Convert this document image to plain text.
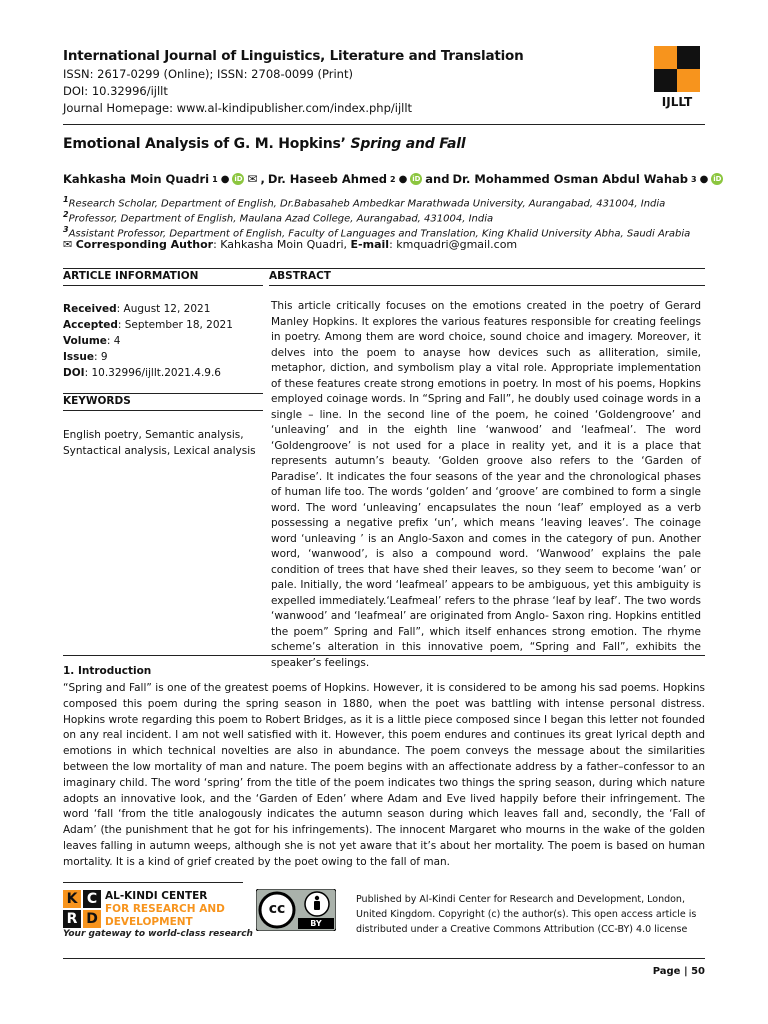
International Journal of Linguistics, Literature and Translation
ISSN: 2617-0299 (Online); ISSN: 2708-0099 (Print)
DOI: 10.32996/ijllt
Journal Homepage: www.al-kindipublisher.com/index.php/ijllt	IJLLT
Emotional Analysis of G. M. Hopkins’ Spring and Fall
Kahkasha Moin Quadri 1 ● iD ✉ , Dr. Haseeb Ahmed 2 ● iD and Dr. Mohammed Osman Abdul Wahab 3 ● iD
$^1$Research Scholar, Department of English, Dr.Babasaheb Ambedkar Marathwada University, Aurangabad, 431004, India
$^2$Professor, Department of English, Maulana Azad College, Aurangabad, 431004, India
$^3$Assistant Professor, Department of English, Faculty of Languages and Translation, King Khalid University Abha, Saudi Arabia
✉ Corresponding Author: Kahkasha Moin Quadri, E-mail: kmquadri@gmail.com
ARTICLE INFORMATION	ABSTRACT
Received: August 12, 2021
Accepted: September 18, 2021
Volume: 4
Issue: 9
DOI: 10.32996/ijllt.2021.4.9.6
KEYWORDS
English poetry, Semantic analysis, Syntactical analysis, Lexical analysis
This article critically focuses on the emotions created in the poetry of Gerard Manley Hopkins. It explores the various features responsible for creating feelings in poetry. Among them are word choice, sound choice and imagery. Moreover, it delves into the poem to anayse how devices such as alliteration, simile, metaphor, diction, and symbolism play a vital role. Appropriate implementation of these features create strong emotions in poetry. In most of his poems, Hopkins employed coinage words. In “Spring and Fall”, he doubly used coinage words in a single – line. In the second line of the poem, he coined ‘Goldengroove’ and ‘unleaving’ and in the eighth line ‘wanwood’ and ‘leafmeal’. The word ‘Goldengroove’ is not used for a place in reality yet, and it is a place that represents autumn’s beauty. ‘Golden groove also refers to the ‘Garden of Paradise’. It indicates the four seasons of the year and the chronological phases of human life too. The words ‘golden’ and ‘groove’ are combined to form a single word. The word ‘unleaving’ encapsulates the noun ‘leaf’ employed as a verb possessing a negative prefix ‘un’, which means ‘leaving leaves’. The coinage word ‘unleaving ’ is an Anglo-Saxon and comes in the category of pun. Another word, ‘wanwood’, is also a compound word. ‘Wanwood’ explains the pale condition of trees that have shed their leaves, so they seem to become ‘wan’ or pale. Initially, the word ‘leafmeal’ appears to be ambiguous, yet this ambiguity is expelled immediately.‘Leafmeal’ refers to the phrase ‘leaf by leaf’. The two words ‘wanwood’ and ‘leafmeal’ are originated from Anglo- Saxon ring. Hopkins entitled the poem” Spring and Fall”, which itself enhances strong emotion. The rhyme scheme’s alteration in this innovative poem, “Spring and Fall”, exhibits the speaker’s feelings.
1. Introduction
“Spring and Fall” is one of the greatest poems of Hopkins. However, it is considered to be among his sad poems. Hopkins composed this poem during the spring season in 1880, when the poet was battling with intense personal distress. Hopkins wrote regarding this poem to Robert Bridges, as it is a little piece composed since I began this letter not founded on any real incident. I am not well satisfied with it. However, this poem endures and continues its great lyrical depth and emotions in which technical novelties are also in abundance. The poem conveys the message about the similarities between the low mortality of man and nature. The poem begins with an affectionate address by a father–confessor to an imaginary child. The word ‘spring’ from the title of the poem indicates two things the spring season, during which nature adopts an innovative look, and the ‘Garden of Eden’ where Adam and Eve lived happily before their infringement. The word ‘fall ‘from the title analogously indicates the autumn season during which leaves fall and, secondly, the ‘Fall of Adam’ (the punishment that he got for his infringements). The innocent Margaret who mourns in the wake of the golden leaves falling in autumn weeps, although she is not yet aware that it’s about her mortality. The poem is based on human mortality. It is a kind of grief created by the poet owing to the fall of man.
K C
R D
AL-KINDI CENTER
FOR RESEARCH AND
DEVELOPMENT
Your gateway to world-class research
cc
BY
Published by Al-Kindi Center for Research and Development, London, United Kingdom. Copyright (c) the author(s). This open access article is distributed under a Creative Commons Attribution (CC-BY) 4.0 license
Page | 50
